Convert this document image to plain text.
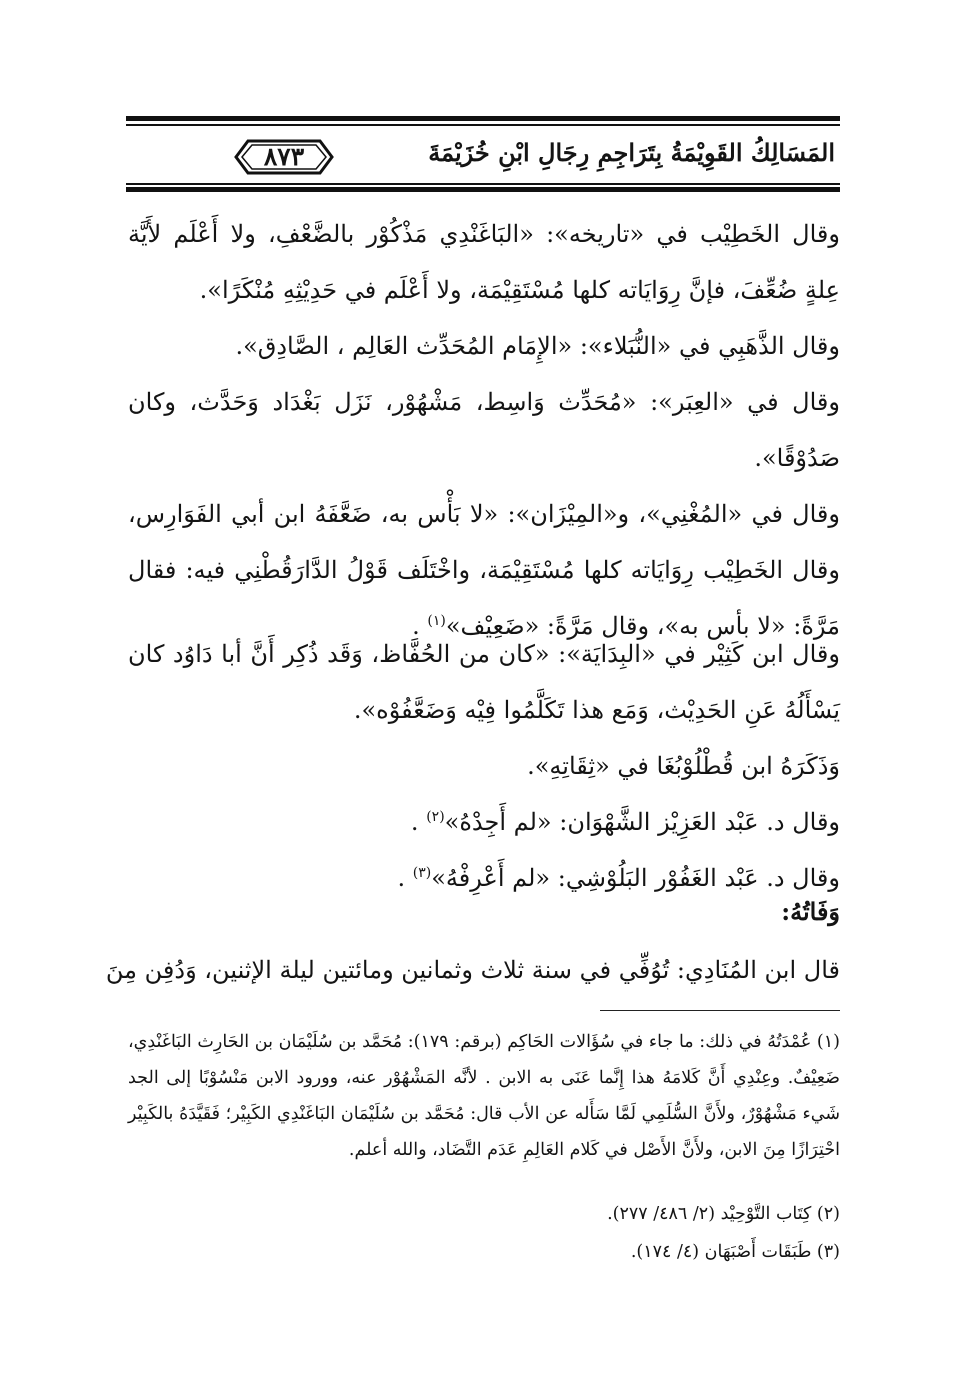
المَسَالِكُ القَوِيْمَةُ بِتَرَاجِمِ رِجَالِ ابْنِ خُزَيْمَةَ
٨٧٣

وقال الخَطِيْب في «تاريخه»: «البَاغَنْدِي مَذْكُوْر بالضَّعْفِ، ولا أَعْلَم لأَيَّة عِلةٍ ضُعِّفَ، فإنَّ رِوَايَاته كلها مُسْتَقِيْمَة، ولا أَعْلَم في حَدِيْثِهِ مُنْكَرًا».

وقال الذَّهَبِي في «النُّبَلاء»: «الإِمَام المُحَدِّث العَالِم ، الصَّادِق».

وقال في «العِبَر»: «مُحَدِّث وَاسِط، مَشْهُوْر، نَزَل بَغْدَاد وَحَدَّث، وكان صَدُوْقًا».

وقال في «المُغْنِي»، و«المِيْزَان»: «لا بَأْس به، ضَعَّفَهُ ابن أبي الفَوَارِس، وقال الخَطِيْب رِوَايَاته كلها مُسْتَقِيْمَة، واخْتَلَف قَوْلُ الدَّارَقُطْنِي فيه: فقال مَرَّةً: «لا بأس به»، وقال مَرَّةً: «ضَعِيْف»$^{(١)}$ .

وقال ابن كَثِيْر في «البِدَايَة»: «كان من الحُفَّاظ، وَقَد ذُكِر أَنَّ أبا دَاوُد كان يَسْأَلُهُ عَنِ الحَدِيْث، وَمَع هذا تَكَلَّمُوا فِيْه وَضَعَّفُوْه».

وَذَكَرَهُ ابن قُطْلُوْبُغَا في «ثِقَاتِهِ».

وقال د. عَبْد العَزِيْز الشَّهْوَان: «لم أَجِدْهُ»$^{(٢)}$ .

وقال د. عَبْد الغَفُوْر البَلُوْشِي: «لم أَعْرِفْهُ»$^{(٣)}$ .

وَفَاتُهُ:

قال ابن المُنَادِي: تُوُفِّي في سنة ثلاث وثمانين ومائتين ليلة الإثنين، وَدُفِن مِنَ

(١) عُمْدَتُهُ في ذلك: ما جاء في سُؤَالات الحَاكِم (برقم: ١٧٩): مُحَمَّد بن سُلَيْمَان بن الحَارِث البَاغَنْدِي، ضَعِيْفٌ. وعِنْدِي أَنَّ كَلامَهُ هذا إِنَّما عَنَى به الابن . لأنَّه المَشْهُوْر عنه، وورود الابن مَنْسُوْبًا إلى الجد شَيء مَشْهُوْرٌ، ولأَنَّ السُّلَمِي لَمَّا سَأَله عن الأب قال: مُحَمَّد بن سُلَيْمَان البَاغَنْدِي الكَبِيْر؛ فَقَيَّدَهُ بالكَبِيْر احْتِرَازًا مِنَ الابن، ولأَنَّ الأَصْل في كَلام العَالِمِ عَدَم التَّضَاد، والله أعلم.

(٢) كِتَاب التَّوْحِيْد (٢/ ٤٨٦/ ٢٧٧).

(٣) طَبَقَات أَصْبَهَان (٤/ ١٧٤).
